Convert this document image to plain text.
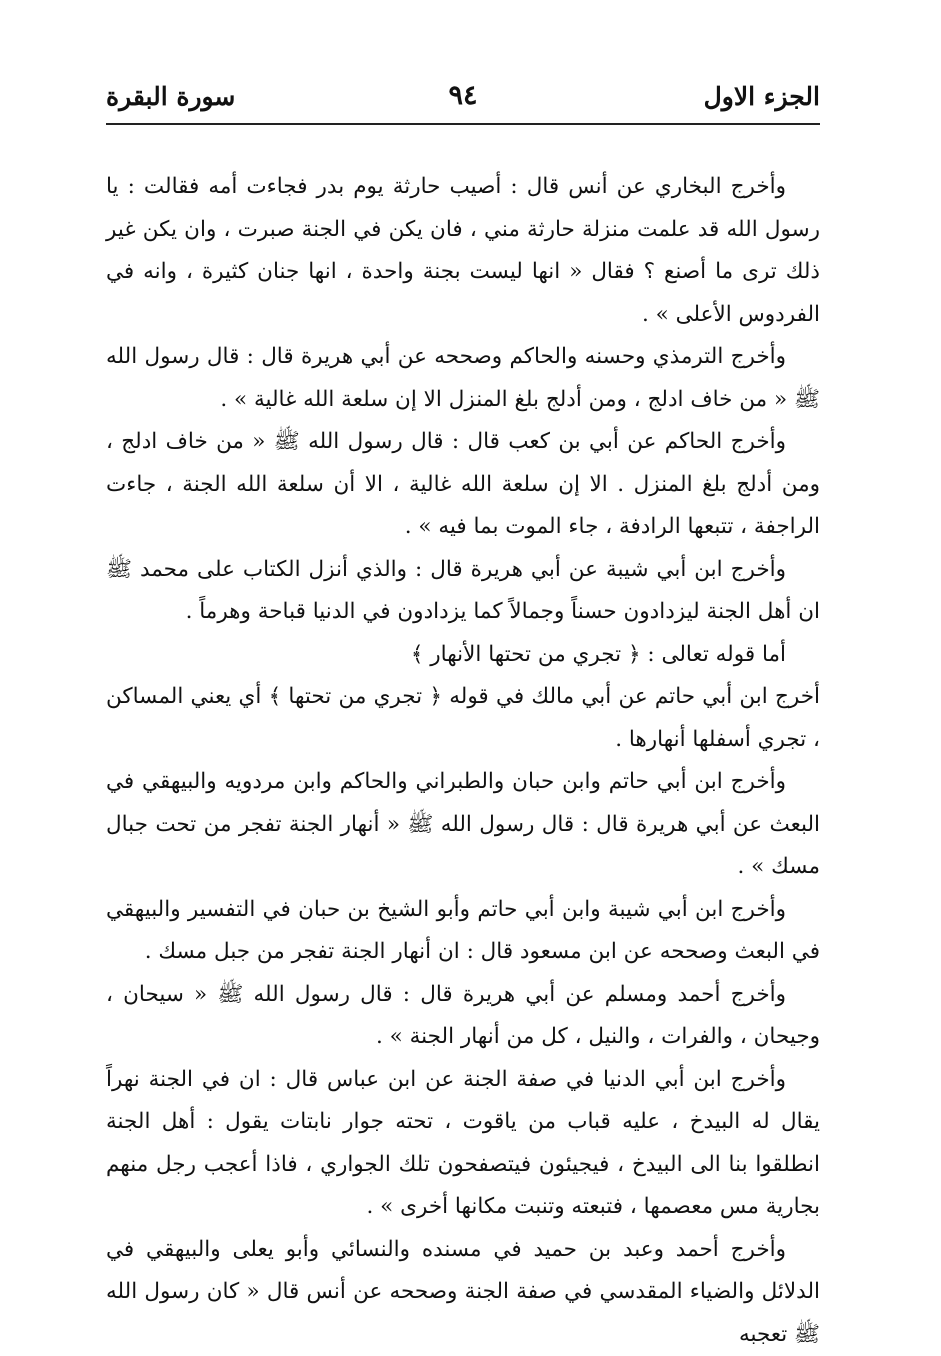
الجزء الاول
٩٤
سورة البقرة

وأخرج البخاري عن أنس قال : أصيب حارثة يوم بدر فجاءت أمه فقالت : يا رسول الله قد علمت منزلة حارثة مني ، فان يكن في الجنة صبرت ، وان يكن غير ذلك ترى ما أصنع ؟ فقال « انها ليست بجنة واحدة ، انها جنان كثيرة ، وانه في الفردوس الأعلى » .

وأخرج الترمذي وحسنه والحاكم وصححه عن أبي هريرة قال : قال رسول الله ﷺ « من خاف ادلج ، ومن أدلج بلغ المنزل الا إن سلعة الله غالية » .

وأخرج الحاكم عن أبي بن كعب قال : قال رسول الله ﷺ « من خاف ادلج ، ومن أدلج بلغ المنزل . الا إن سلعة الله غالية ، الا أن سلعة الله الجنة ، جاءت الراجفة ، تتبعها الرادفة ، جاء الموت بما فيه » .

وأخرج ابن أبي شيبة عن أبي هريرة قال : والذي أنزل الكتاب على محمد ﷺ ان أهل الجنة ليزدادون حسناً وجمالاً كما يزدادون في الدنيا قباحة وهرماً .

أما قوله تعالى : ﴿ تجري من تحتها الأنهار ﴾

أخرج ابن أبي حاتم عن أبي مالك في قوله ﴿ تجري من تحتها ﴾ أي يعني المساكن ، تجري أسفلها أنهارها .

وأخرج ابن أبي حاتم وابن حبان والطبراني والحاكم وابن مردويه والبيهقي في البعث عن أبي هريرة قال : قال رسول الله ﷺ « أنهار الجنة تفجر من تحت جبال مسك » .

وأخرج ابن أبي شيبة وابن أبي حاتم وأبو الشيخ بن حبان في التفسير والبيهقي في البعث وصححه عن ابن مسعود قال : ان أنهار الجنة تفجر من جبل مسك .

وأخرج أحمد ومسلم عن أبي هريرة قال : قال رسول الله ﷺ « سيحان ، وجيحان ، والفرات ، والنيل ، كل من أنهار الجنة » .

وأخرج ابن أبي الدنيا في صفة الجنة عن ابن عباس قال : ان في الجنة نهراً يقال له البيدخ ، عليه قباب من ياقوت ، تحته جوار نابتات يقول : أهل الجنة انطلقوا بنا الى البيدخ ، فيجيئون فيتصفحون تلك الجواري ، فاذا أعجب رجل منهم بجارية مس معصمها ، فتبعته وتنبت مكانها أخرى » .

وأخرج أحمد وعبد بن حميد في مسنده والنسائي وأبو يعلى والبيهقي في الدلائل والضياء المقدسي في صفة الجنة وصححه عن أنس قال « كان رسول الله ﷺ تعجبه
